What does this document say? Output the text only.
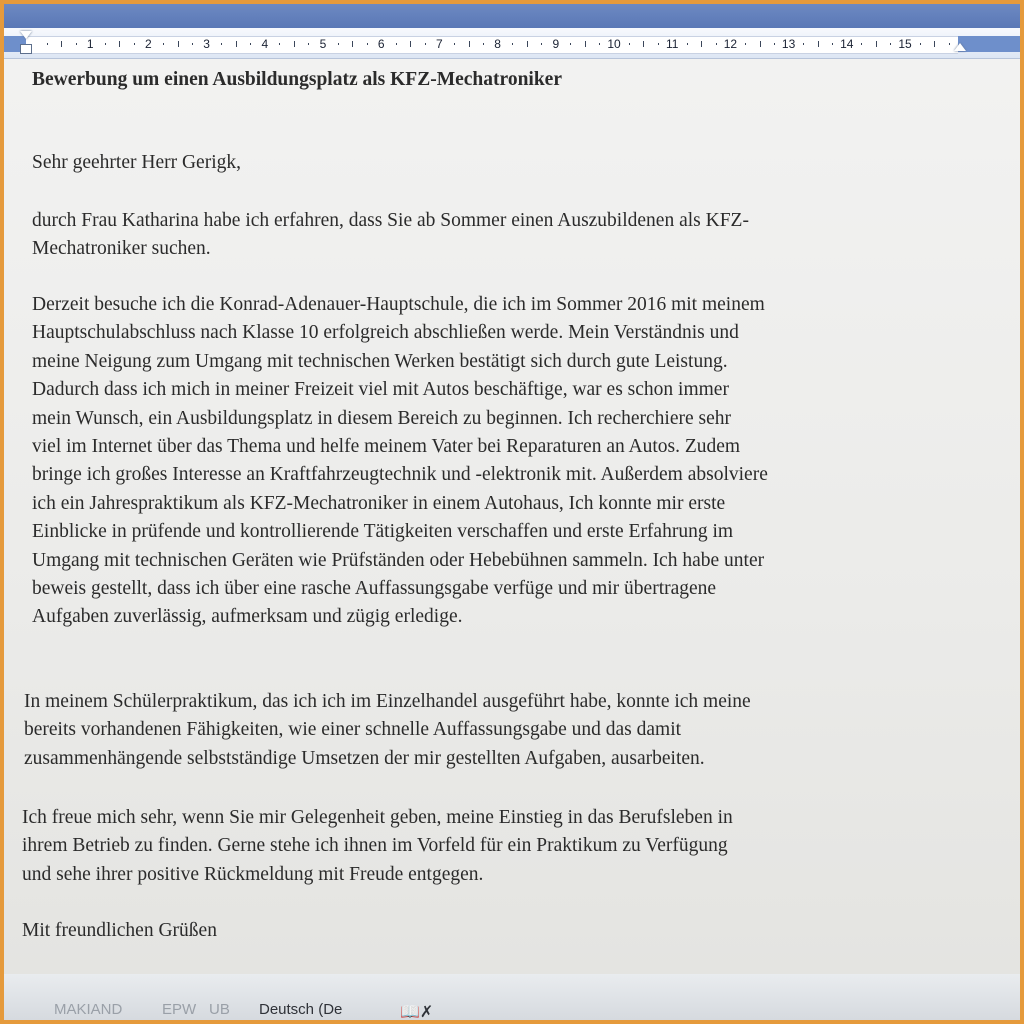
1	2	3	4	5	6	7	8	9	10	11	12	13	14	15
Bewerbung um einen Ausbildungsplatz als KFZ-Mechatroniker
Sehr geehrter Herr Gerigk,
durch Frau Katharina habe ich erfahren, dass Sie ab Sommer einen Auszubildenen als KFZ-
Mechatroniker suchen.
Derzeit besuche ich die Konrad-Adenauer-Hauptschule, die ich im Sommer 2016 mit meinem
Hauptschulabschluss nach Klasse 10 erfolgreich abschließen werde. Mein Verständnis und
meine Neigung zum Umgang mit technischen Werken bestätigt sich durch gute Leistung.
Dadurch dass ich mich in meiner Freizeit viel mit Autos beschäftige, war es schon immer
mein Wunsch, ein Ausbildungsplatz in diesem Bereich zu beginnen. Ich recherchiere sehr
viel im Internet über das Thema und helfe meinem Vater bei Reparaturen an Autos. Zudem
bringe ich großes Interesse an Kraftfahrzeugtechnik und -elektronik mit. Außerdem absolviere
ich ein Jahrespraktikum als KFZ-Mechatroniker in einem Autohaus, Ich konnte mir erste
Einblicke in prüfende und kontrollierende Tätigkeiten verschaffen und erste Erfahrung im
Umgang mit technischen Geräten wie Prüfständen oder Hebebühnen sammeln. Ich habe unter
beweis gestellt, dass ich über eine rasche Auffassungsgabe verfüge und mir übertragene
Aufgaben zuverlässig, aufmerksam und zügig erledige.
In meinem Schülerpraktikum, das ich ich im Einzelhandel ausgeführt habe, konnte ich meine
bereits vorhandenen Fähigkeiten, wie einer schnelle Auffassungsgabe und das damit
zusammenhängende selbstständige Umsetzen der mir gestellten Aufgaben, ausarbeiten.
Ich freue mich sehr, wenn Sie mir Gelegenheit geben, meine Einstieg in das Berufsleben in
ihrem Betrieb zu finden. Gerne stehe ich ihnen im Vorfeld für ein Praktikum zu Verfügung
und sehe ihrer positive Rückmeldung mit Freude entgegen.
Mit freundlichen Grüßen
MAKIAND	EPW UB Deutsch (De	📖✗
